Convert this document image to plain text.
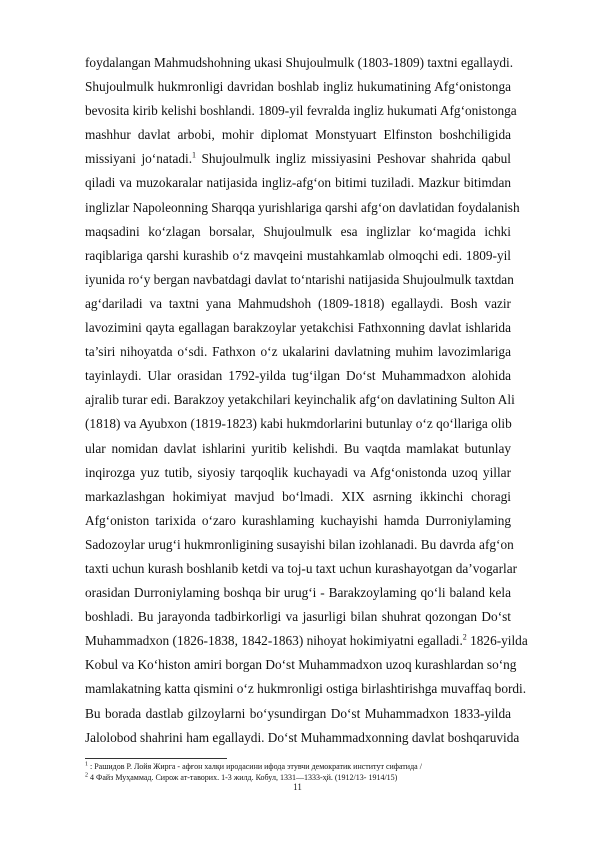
foydalangan Mahmudshohning ukasi Shujoulmulk (1803-1809) taxtni egallaydi.
Shujoulmulk hukmronligi davridan boshlab ingliz hukumatining Afg‘onistonga
bevosita kirib kelishi boshlandi. 1809-yil fevralda ingliz hukumati Afg‘onistonga
mashhur davlat arbobi, mohir diplomat Monstyuart Elfinston boshchiligida
missiyani jo‘natadi.$^1$ Shujoulmulk ingliz missiyasini Peshovar shahrida qabul
qiladi va muzokaralar natijasida ingliz-afg‘on bitimi tuziladi. Mazkur bitimdan
inglizlar Napoleonning Sharqqa yurishlariga qarshi afg‘on davlatidan foydalanish
maqsadini ko‘zlagan borsalar, Shujoulmulk esa inglizlar ko‘magida ichki
raqiblariga qarshi kurashib o‘z mavqeini mustahkamlab olmoqchi edi. 1809-yil
iyunida ro‘y bergan navbatdagi davlat to‘ntarishi natijasida Shujoulmulk taxtdan
ag‘dariladi va taxtni yana Mahmudshoh (1809-1818) egallaydi. Bosh vazir
lavozimini qayta egallagan barakzoylar yetakchisi Fathxonning davlat ishlarida
ta’siri nihoyatda o‘sdi. Fathxon o‘z ukalarini davlatning muhim lavozimlariga
tayinlaydi. Ular orasidan 1792-yilda tug‘ilgan Do‘st Muhammadxon alohida
ajralib turar edi. Barakzoy yetakchilari keyinchalik afg‘on davlatining Sulton Ali
(1818) va Ayubxon (1819-1823) kabi hukmdorlarini butunlay o‘z qo‘llariga olib
ular nomidan davlat ishlarini yuritib kelishdi. Bu vaqtda mamlakat butunlay
inqirozga yuz tutib, siyosiy tarqoqlik kuchayadi va Afg‘onistonda uzoq yillar
markazlashgan hokimiyat mavjud bo‘lmadi. XIX asrning ikkinchi choragi
Afg‘oniston tarixida o‘zaro kurashlaming kuchayishi hamda Durroniylaming
Sadozoylar urug‘i hukmronligining susayishi bilan izohlanadi. Bu davrda afg‘on
taxti uchun kurash boshlanib ketdi va toj-u taxt uchun kurashayotgan da’vogarlar
orasidan Durroniylaming boshqa bir urug‘i - Barakzoylaming qo‘li baland kela
boshladi. Bu jarayonda tadbirkorligi va jasurligi bilan shuhrat qozongan Do‘st
Muhammadxon (1826-1838, 1842-1863) nihoyat hokimiyatni egalladi.$^2$ 1826-yilda
Kobul va Ko‘histon amiri borgan Do‘st Muhammadxon uzoq kurashlardan so‘ng
mamlakatning katta qismini o‘z hukmronligi ostiga birlashtirishga muvaffaq bordi.
Bu borada dastlab gilzoylarni bo‘ysundirgan Do‘st Muhammadxon 1833-yilda
Jalolobod shahrini ham egallaydi. Do‘st Muhammadxonning davlat boshqaruvida
$^1$ : Рашидов Р. Лойя Жирга - афғон халқи иродасини ифода этувчи демократик институт сифатида /
$^2$ 4 Файз Муҳаммад. Сирож ат-таворих. 1-3 жилд. Кобул, 1331—1333-ҳй. (1912/13- 1914/15)
11
